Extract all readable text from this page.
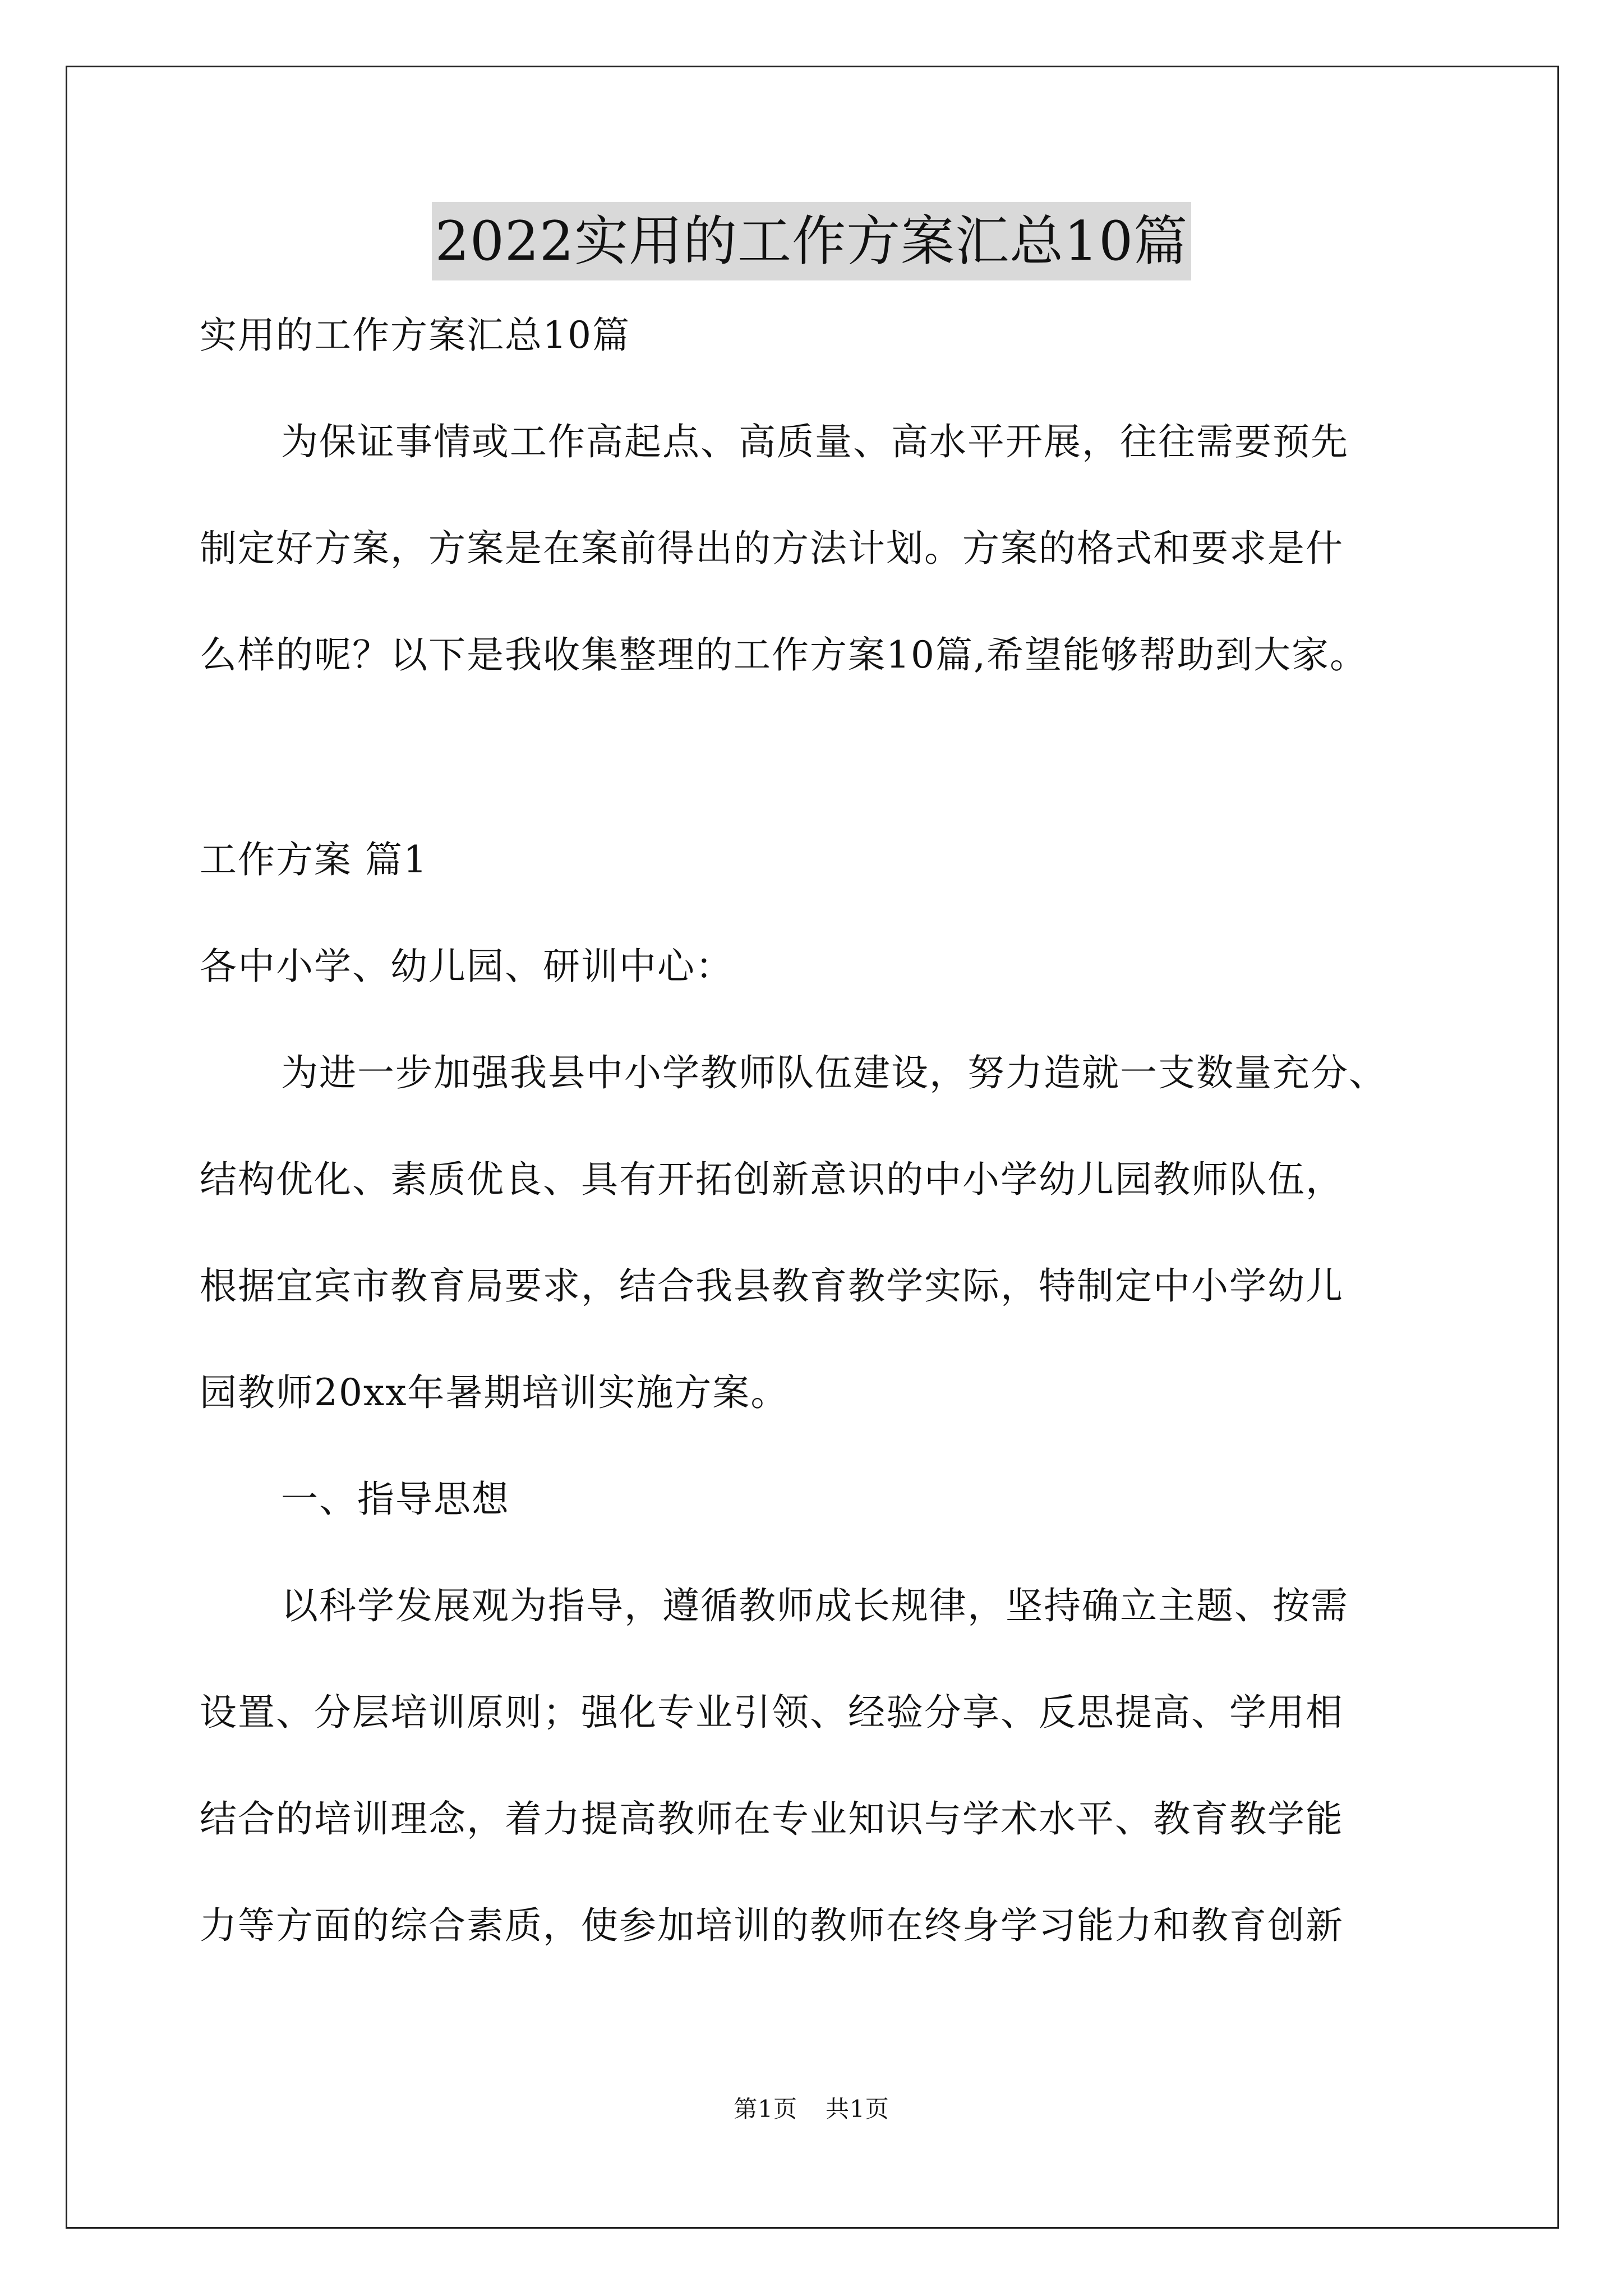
2022实用的工作方案汇总10篇
实用的工作方案汇总10篇
为保证事情或工作高起点、高质量、高水平开展，往往需要预先
制定好方案，方案是在案前得出的方法计划。方案的格式和要求是什
么样的呢？以下是我收集整理的工作方案10篇,希望能够帮助到大家。
工作方案 篇1
各中小学、幼儿园、研训中心：
为进一步加强我县中小学教师队伍建设，努力造就一支数量充分、
结构优化、素质优良、具有开拓创新意识的中小学幼儿园教师队伍，
根据宜宾市教育局要求，结合我县教育教学实际，特制定中小学幼儿
园教师20xx年暑期培训实施方案。
一、指导思想
以科学发展观为指导，遵循教师成长规律，坚持确立主题、按需
设置、分层培训原则；强化专业引领、经验分享、反思提高、学用相
结合的培训理念，着力提高教师在专业知识与学术水平、教育教学能
力等方面的综合素质，使参加培训的教师在终身学习能力和教育创新
第1页 共1页
